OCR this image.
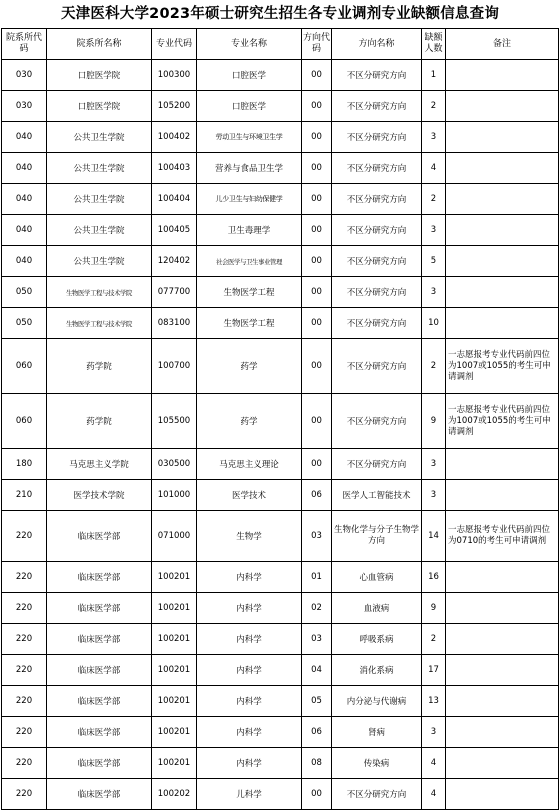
天津医科大学2023年硕士研究生招生各专业调剂专业缺额信息查询
院系所代码	院系所名称	专业代码	专业名称	方向代码	方向名称	缺额人数	备注
030	口腔医学院	100300	口腔医学	00	不区分研究方向	1	
030	口腔医学院	105200	口腔医学	00	不区分研究方向	2	
040	公共卫生学院	100402	劳动卫生与环境卫生学	00	不区分研究方向	3	
040	公共卫生学院	100403	营养与食品卫生学	00	不区分研究方向	4	
040	公共卫生学院	100404	儿少卫生与妇幼保健学	00	不区分研究方向	2	
040	公共卫生学院	100405	卫生毒理学	00	不区分研究方向	3	
040	公共卫生学院	120402	社会医学与卫生事业管理	00	不区分研究方向	5	
050	生物医学工程与技术学院	077700	生物医学工程	00	不区分研究方向	3	
050	生物医学工程与技术学院	083100	生物医学工程	00	不区分研究方向	10	
060	药学院	100700	药学	00	不区分研究方向	2	一志愿报考专业代码前四位为1007或1055的考生可申请调剂
060	药学院	105500	药学	00	不区分研究方向	9	一志愿报考专业代码前四位为1007或1055的考生可申请调剂
180	马克思主义学院	030500	马克思主义理论	00	不区分研究方向	3	
210	医学技术学院	101000	医学技术	06	医学人工智能技术	3	
220	临床医学部	071000	生物学	03	生物化学与分子生物学方向	14	一志愿报考专业代码前四位为0710的考生可申请调剂
220	临床医学部	100201	内科学	01	心血管病	16	
220	临床医学部	100201	内科学	02	血液病	9	
220	临床医学部	100201	内科学	03	呼吸系病	2	
220	临床医学部	100201	内科学	04	消化系病	17	
220	临床医学部	100201	内科学	05	内分泌与代谢病	13	
220	临床医学部	100201	内科学	06	肾病	3	
220	临床医学部	100201	内科学	08	传染病	4	
220	临床医学部	100202	儿科学	00	不区分研究方向	4	
